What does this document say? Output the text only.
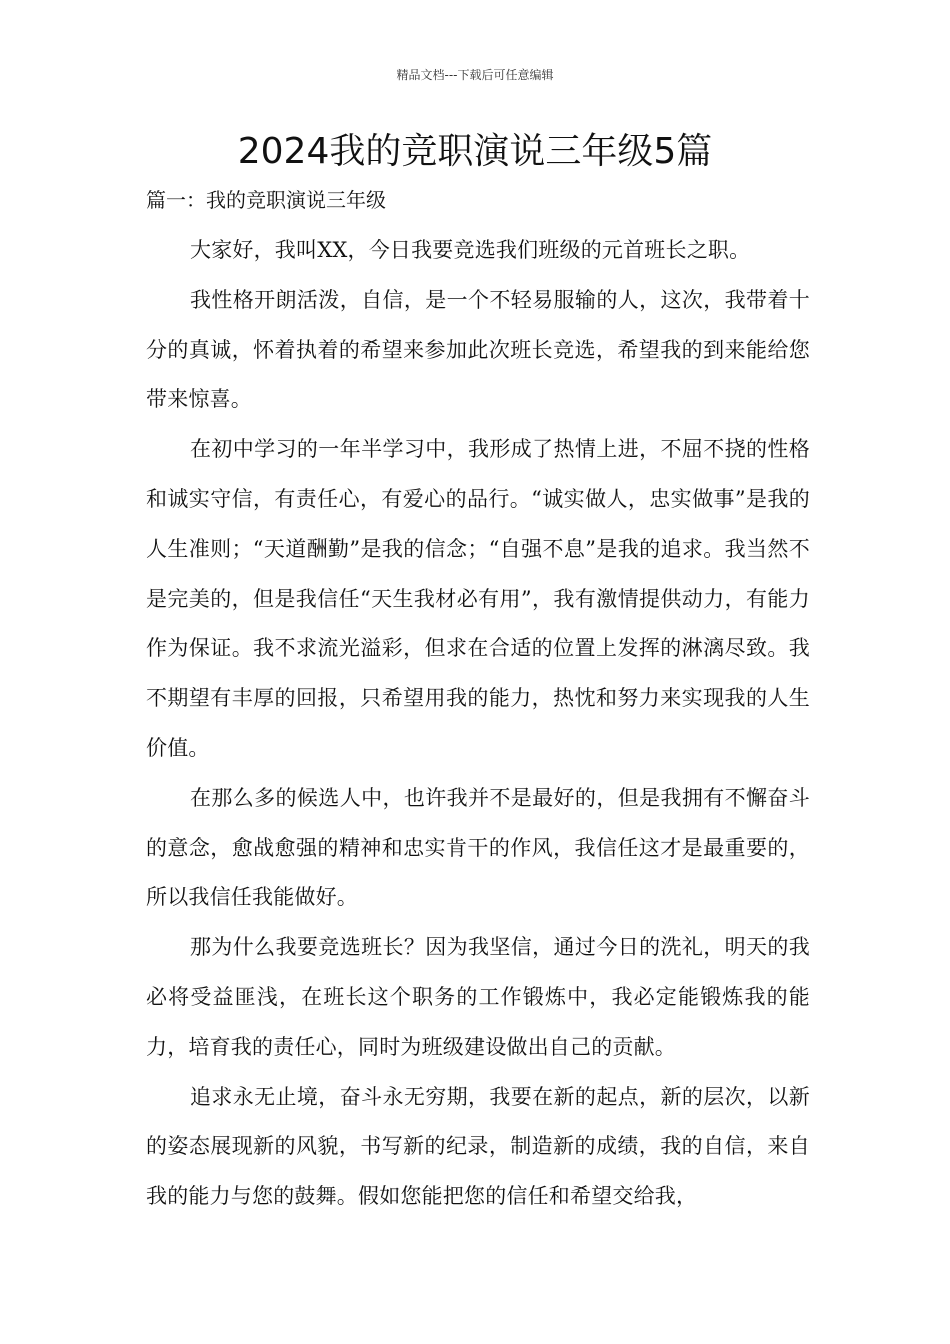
精品文档---下载后可任意编辑
2024我的竞职演说三年级5篇
篇一：我的竞职演说三年级

大家好，我叫XX，今日我要竞选我们班级的元首班长之职。

我性格开朗活泼，自信，是一个不轻易服输的人，这次，我带着十分的真诚，怀着执着的希望来参加此次班长竞选，希望我的到来能给您带来惊喜。

在初中学习的一年半学习中，我形成了热情上进，不屈不挠的性格和诚实守信，有责任心，有爱心的品行。“诚实做人，忠实做事”是我的人生准则；“天道酬勤”是我的信念；“自强不息”是我的追求。我当然不是完美的，但是我信任“天生我材必有用”，我有激情提供动力，有能力作为保证。我不求流光溢彩，但求在合适的位置上发挥的淋漓尽致。我不期望有丰厚的回报，只希望用我的能力，热忱和努力来实现我的人生价值。

在那么多的候选人中，也许我并不是最好的，但是我拥有不懈奋斗的意念，愈战愈强的精神和忠实肯干的作风，我信任这才是最重要的，所以我信任我能做好。

那为什么我要竞选班长？因为我坚信，通过今日的洗礼，明天的我必将受益匪浅，在班长这个职务的工作锻炼中，我必定能锻炼我的能力，培育我的责任心，同时为班级建设做出自己的贡献。

追求永无止境，奋斗永无穷期，我要在新的起点，新的层次，以新的姿态展现新的风貌，书写新的纪录，制造新的成绩，我的自信，来自我的能力与您的鼓舞。假如您能把您的信任和希望交给我，
